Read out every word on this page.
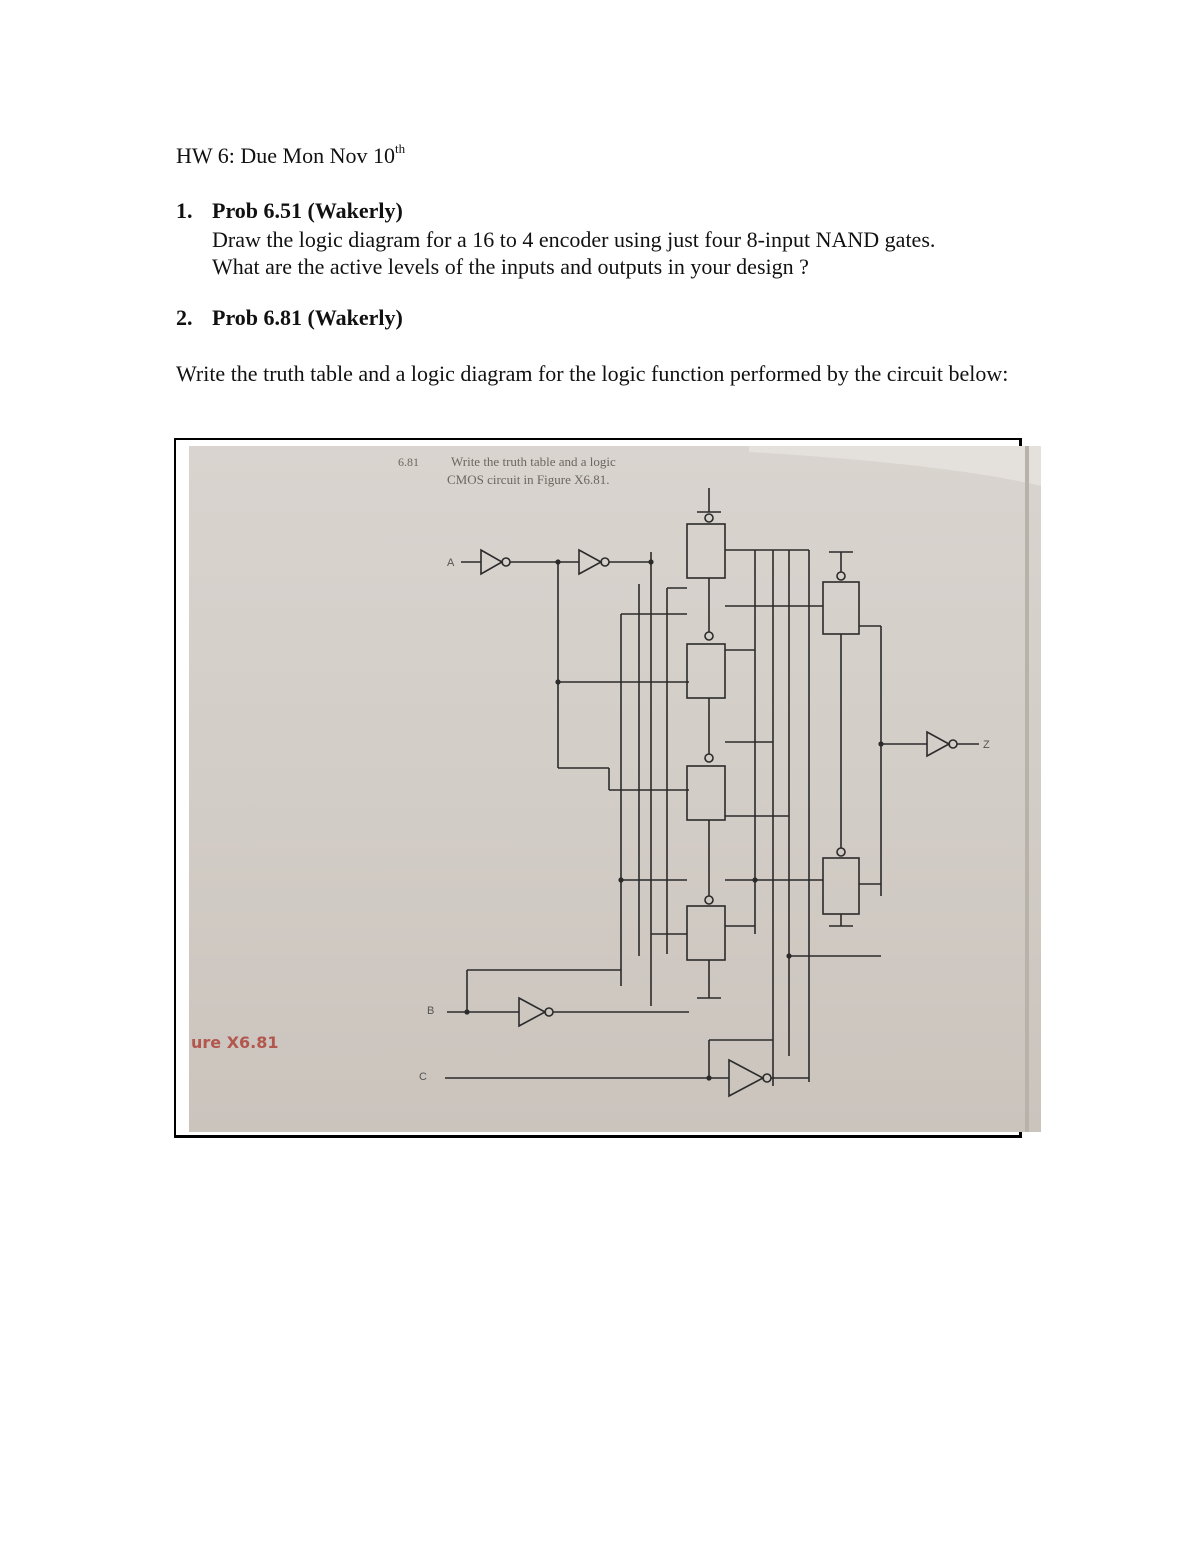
HW 6: Due Mon Nov 10th
1. Prob 6.51 (Wakerly)
Draw the logic diagram for a 16 to 4 encoder using just four 8-input NAND gates.
What are the active levels of the inputs and outputs in your design ?
2. Prob 6.81 (Wakerly)
Write the truth table and a logic diagram for the logic function performed by the circuit below:
6.81 Write the truth table and a logic
CMOS circuit in Figure X6.81.
ure X6.81
A
B
C
Z
